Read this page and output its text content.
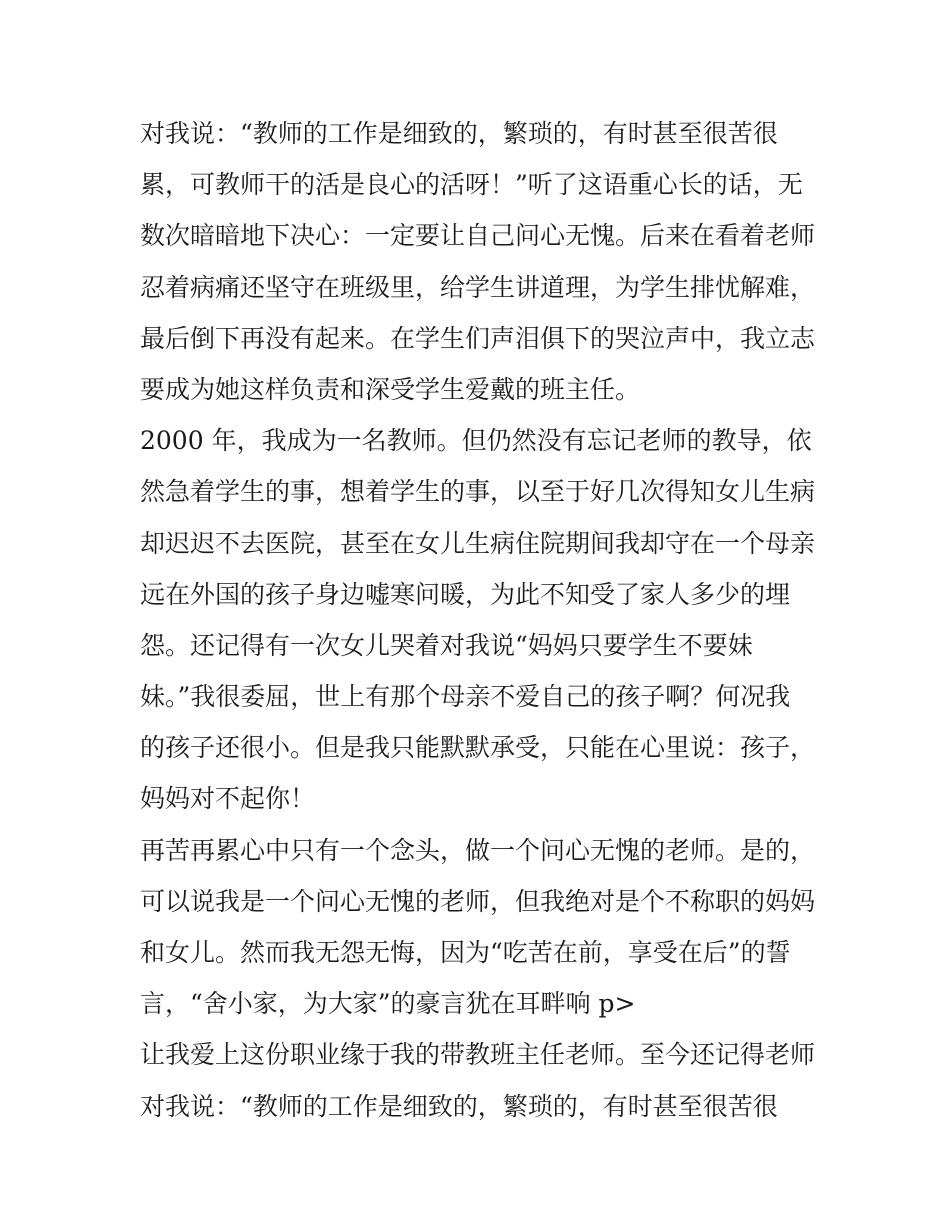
对我说：“教师的工作是细致的，繁琐的，有时甚至很苦很
累，可教师干的活是良心的活呀！”听了这语重心长的话，无
数次暗暗地下决心：一定要让自己问心无愧。后来在看着老师
忍着病痛还坚守在班级里，给学生讲道理，为学生排忧解难，
最后倒下再没有起来。在学生们声泪俱下的哭泣声中，我立志
要成为她这样负责和深受学生爱戴的班主任。
2000 年，我成为一名教师。但仍然没有忘记老师的教导，依
然急着学生的事，想着学生的事，以至于好几次得知女儿生病
却迟迟不去医院，甚至在女儿生病住院期间我却守在一个母亲
远在外国的孩子身边嘘寒问暖，为此不知受了家人多少的埋
怨。还记得有一次女儿哭着对我说“妈妈只要学生不要妹
妹。”我很委屈，世上有那个母亲不爱自己的孩子啊？何况我
的孩子还很小。但是我只能默默承受，只能在心里说：孩子，
妈妈对不起你！
再苦再累心中只有一个念头，做一个问心无愧的老师。是的，
可以说我是一个问心无愧的老师，但我绝对是个不称职的妈妈
和女儿。然而我无怨无悔，因为“吃苦在前，享受在后”的誓
言，“舍小家，为大家”的豪言犹在耳畔响 p>
让我爱上这份职业缘于我的带教班主任老师。至今还记得老师
对我说：“教师的工作是细致的，繁琐的，有时甚至很苦很
